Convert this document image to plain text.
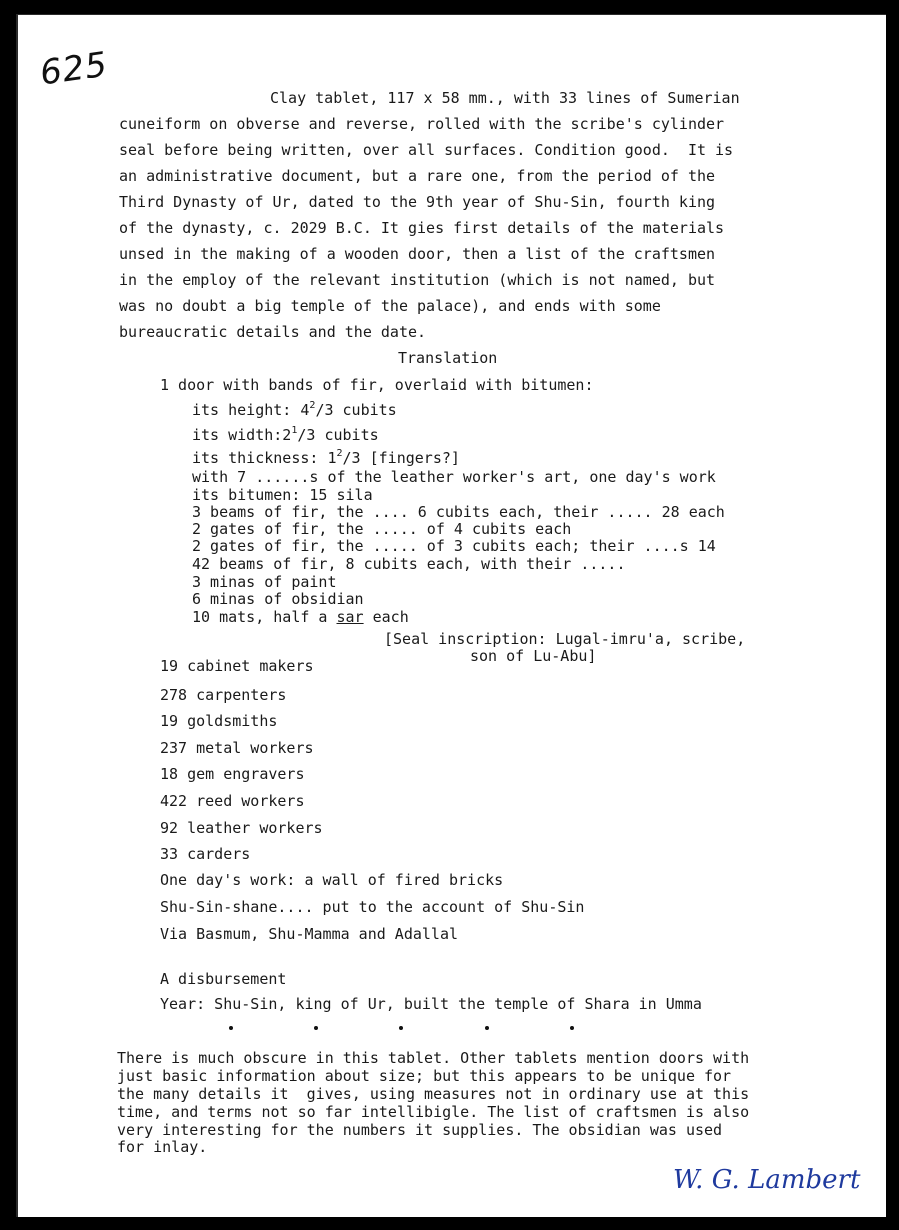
625
Clay tablet, 117 x 58 mm., with 33 lines of Sumerian
cuneiform on obverse and reverse, rolled with the scribe's cylinder
seal before being written, over all surfaces. Condition good.  It is
an administrative document, but a rare one, from the period of the
Third Dynasty of Ur, dated to the 9th year of Shu-Sin, fourth king
of the dynasty, c. 2029 B.C. It gies first details of the materials
unsed in the making of a wooden door, then a list of the craftsmen
in the employ of the relevant institution (which is not named, but
was no doubt a big temple of the palace), and ends with some
bureaucratic details and the date.
Translation
1 door with bands of fir, overlaid with bitumen:
its height: $4^2/3$ cubits
its $width:2^1/3$ cubits
its thickness: $1^2/3$ [fingers?]
with 7 ......s of the leather worker's art, one day's work
its bitumen: 15 sila
3 beams of fir, the .... 6 cubits each, their ..... 28 each
2 gates of fir, the ..... of 4 cubits each
2 gates of fir, the ..... of 3 cubits each; their ....s 14
42 beams of fir, 8 cubits each, with their .....
3 minas of paint
6 minas of obsidian
10 mats, half a sar each
[Seal inscription: Lugal-imru'a, scribe,
son of Lu-Abu]
19 cabinet makers
278 carpenters
19 goldsmiths
237 metal workers
18 gem engravers
422 reed workers
92 leather workers
33 carders
One day's work: a wall of fired bricks
Shu-Sin-shane.... put to the account of Shu-Sin
Via Basmum, Shu-Mamma and Adallal
A disbursement
Year: Shu-Sin, king of Ur, built the temple of Shara in Umma
There is much obscure in this tablet. Other tablets mention doors with
just basic information about size; but this appears to be unique for
the many details it  gives, using measures not in ordinary use at this
time, and terms not so far intellibigle. The list of craftsmen is also
very interesting for the numbers it supplies. The obsidian was used
for inlay.
W. G. Lambert
